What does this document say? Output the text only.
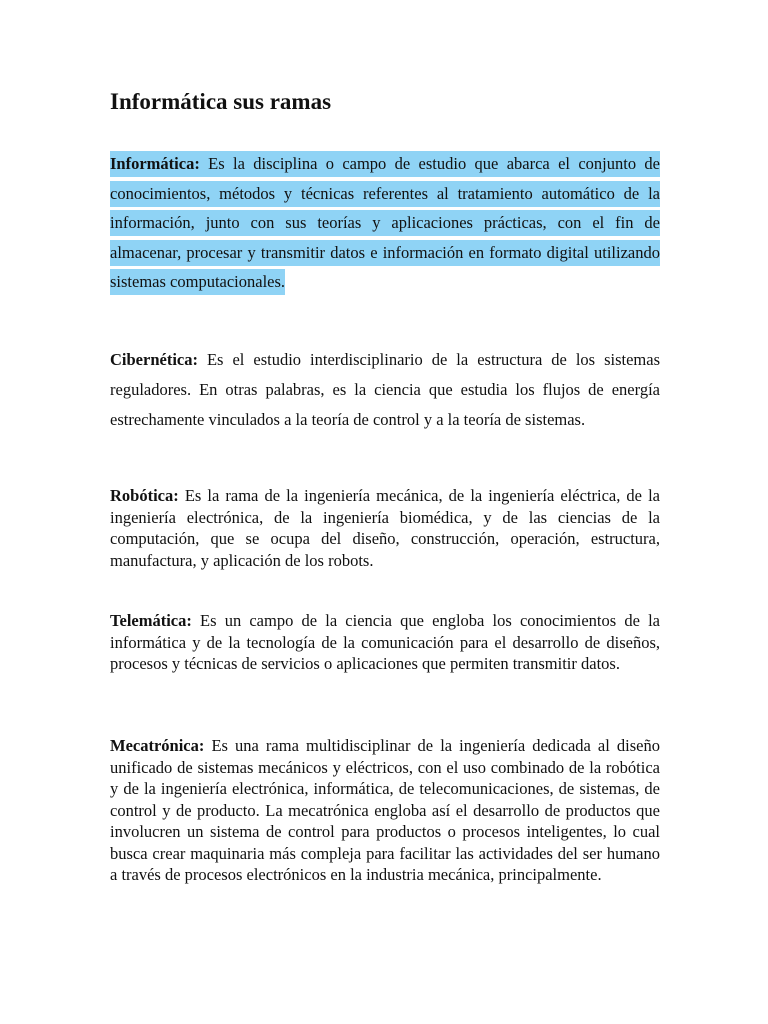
Informática sus ramas

Informática: Es la disciplina o campo de estudio que abarca el conjunto de conocimientos, métodos y técnicas referentes al tratamiento automático de la información, junto con sus teorías y aplicaciones prácticas, con el fin de almacenar, procesar y transmitir datos e información en formato digital utilizando sistemas computacionales.

Cibernética: Es el estudio interdisciplinario de la estructura de los sistemas reguladores. En otras palabras, es la ciencia que estudia los flujos de energía estrechamente vinculados a la teoría de control y a la teoría de sistemas.

Robótica: Es la rama de la ingeniería mecánica, de la ingeniería eléctrica, de la ingeniería electrónica, de la ingeniería biomédica, y de las ciencias de la computación, que se ocupa del diseño, construcción, operación, estructura, manufactura, y aplicación de los robots.

Telemática: Es un campo de la ciencia que engloba los conocimientos de la informática y de la tecnología de la comunicación para el desarrollo de diseños, procesos y técnicas de servicios o aplicaciones que permiten transmitir datos.

Mecatrónica: Es una rama multidisciplinar de la ingeniería dedicada al diseño unificado de sistemas mecánicos y eléctricos, con el uso combinado de la robótica y de la ingeniería electrónica, informática, de telecomunicaciones, de sistemas, de control y de producto. La mecatrónica engloba así el desarrollo de productos que involucren un sistema de control para productos o procesos inteligentes, lo cual busca crear maquinaria más compleja para facilitar las actividades del ser humano a través de procesos electrónicos en la industria mecánica, principalmente.
